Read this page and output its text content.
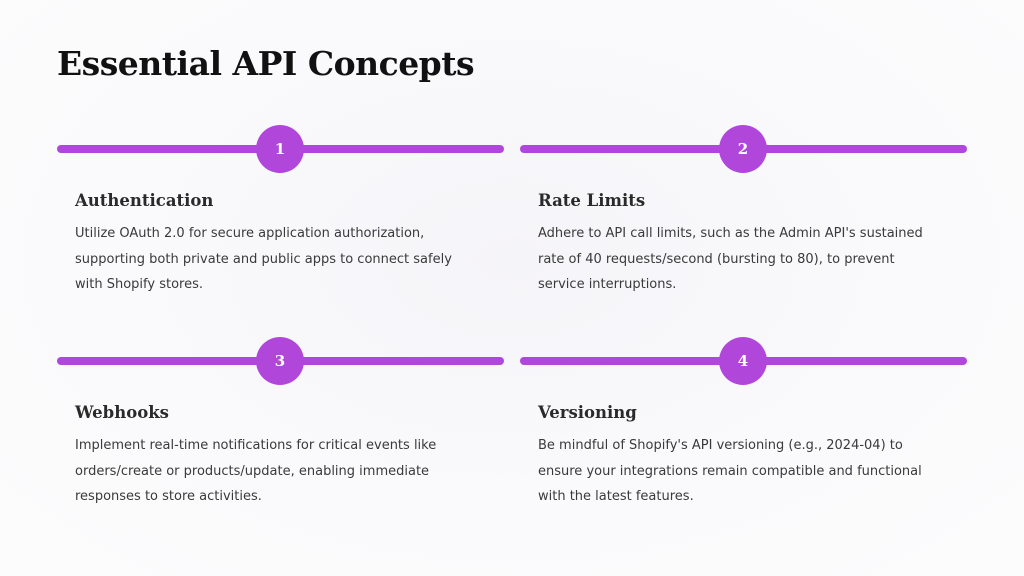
Essential API Concepts
1
Authentication
Utilize OAuth 2.0 for secure application authorization, supporting both private and public apps to connect safely with Shopify stores.
2
Rate Limits
Adhere to API call limits, such as the Admin API's sustained rate of 40 requests/second (bursting to 80), to prevent service interruptions.
3
Webhooks
Implement real-time notifications for critical events like orders/create or products/update, enabling immediate responses to store activities.
4
Versioning
Be mindful of Shopify's API versioning (e.g., 2024-04) to ensure your integrations remain compatible and functional with the latest features.
